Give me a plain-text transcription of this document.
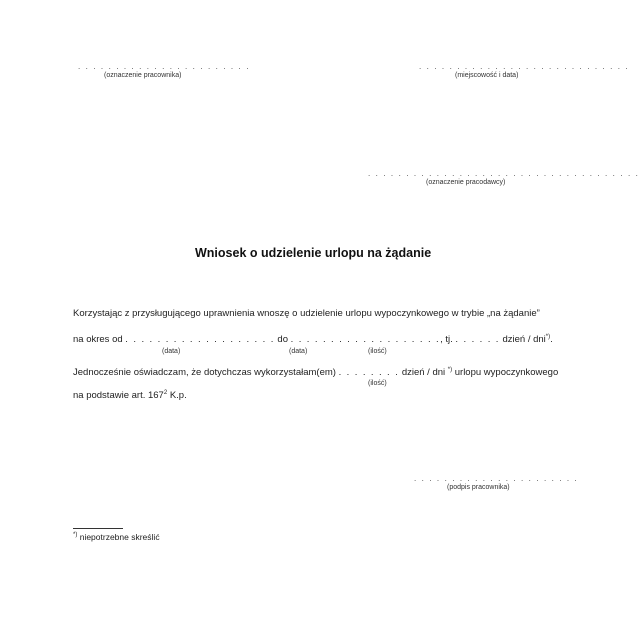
. . . . . . . . . . . . . . . . . . . . . . .
(oznaczenie pracownika)
. . . . . . . . . . . . . . . . . . . . . . . . . . . .
(miejscowość i data)
. . . . . . . . . . . . . . . . . . . . . . . . . . . . . . . . . . . .
(oznaczenie pracodawcy)
Wniosek o udzielenie urlopu na żądanie
Korzystając z przysługującego uprawnienia wnoszę o udzielenie urlopu wypoczynkowego w trybie „na żądanie”
na okres od . . . . . . . . . . . . . . . . . . . do . . . . . . . . . . . . . . . . . . ., tj. . . . . . . dzień / dni*).
(data)	(data)	(ilość)
Jednocześnie oświadczam, że dotychczas wykorzystałam(em) . . . . . . . . dzień / dni *) urlopu wypoczynkowego
(ilość)
na podstawie art. $167^2$ K.p.
. . . . . . . . . . . . . . . . . . . . . .
(podpis pracownika)
*) niepotrzebne skreślić
